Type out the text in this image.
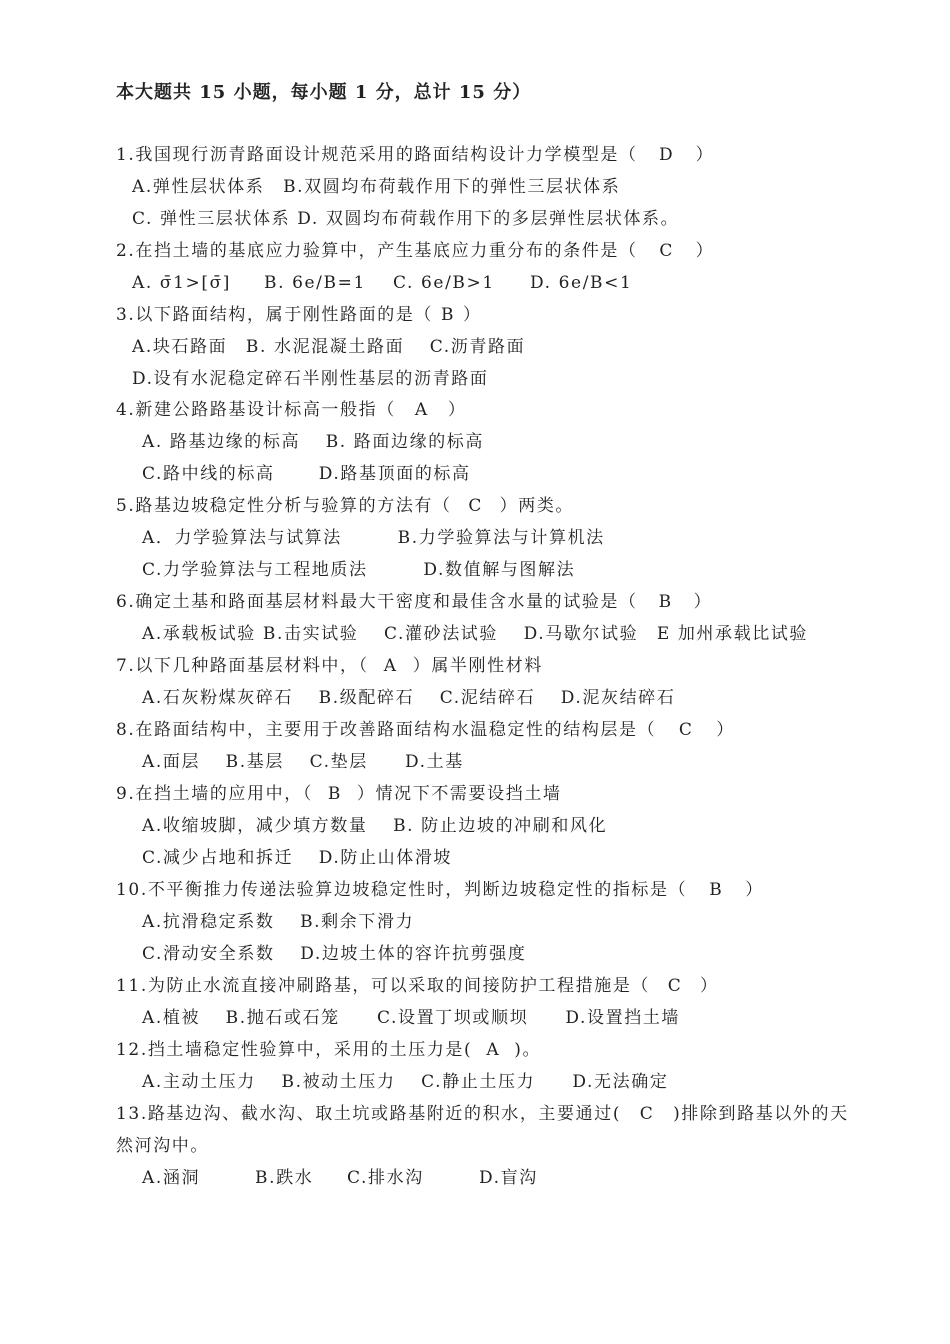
本大题共 15 小题，每小题 1 分，总计 15 分）
1.我国现行沥青路面设计规范采用的路面结构设计力学模型是（ D ）
A.弹性层状体系　B.双圆均布荷载作用下的弹性三层状体系
C. 弹性三层状体系 D. 双圆均布荷载作用下的多层弹性层状体系。
2.在挡土墙的基底应力验算中，产生基底应力重分布的条件是（ C ）
A. σ̄1>[σ̄] B. 6e/B=1 C. 6e/B>1 D. 6e/B<1
3.以下路面结构，属于刚性路面的是（ B ）
A.块石路面　B. 水泥混凝土路面　 C.沥青路面
D.设有水泥稳定碎石半刚性基层的沥青路面
4.新建公路路基设计标高一般指（ A ）
A. 路基边缘的标高　 B. 路面边缘的标高
C.路中线的标高　　 D.路基顶面的标高
5.路基边坡稳定性分析与验算的方法有（ C ）两类。
A．力学验算法与试算法　　　B.力学验算法与计算机法
C.力学验算法与工程地质法　　　D.数值解与图解法
6.确定土基和路面基层材料最大干密度和最佳含水量的试验是（ B ）
A.承载板试验 B.击实试验　 C.灌砂法试验　 D.马歇尔试验　E 加州承载比试验
7.以下几种路面基层材料中，（ A ）属半刚性材料
A.石灰粉煤灰碎石　 B.级配碎石　 C.泥结碎石　 D.泥灰结碎石
8.在路面结构中，主要用于改善路面结构水温稳定性的结构层是（ C ）
A.面层　 B.基层　 C.垫层　　D.土基
9.在挡土墙的应用中，（ B ）情况下不需要设挡土墙
A.收缩坡脚，减少填方数量　 B. 防止边坡的冲刷和风化
C.减少占地和拆迁　 D.防止山体滑坡
10.不平衡推力传递法验算边坡稳定性时，判断边坡稳定性的指标是（ B ）
A.抗滑稳定系数　 B.剩余下滑力
C.滑动安全系数　 D.边坡土体的容许抗剪强度
11.为防止水流直接冲刷路基，可以采取的间接防护工程措施是（ C ）
A.植被　 B.抛石或石笼　　C.设置丁坝或顺坝　　D.设置挡土墙
12.挡土墙稳定性验算中，采用的土压力是( A )。
A.主动土压力　 B.被动土压力　 C.静止土压力　　D.无法确定
13.路基边沟、截水沟、取土坑或路基附近的积水，主要通过( C )排除到路基以外的天
然河沟中。
A.涵洞	B.跌水 C.排水沟	D.盲沟
